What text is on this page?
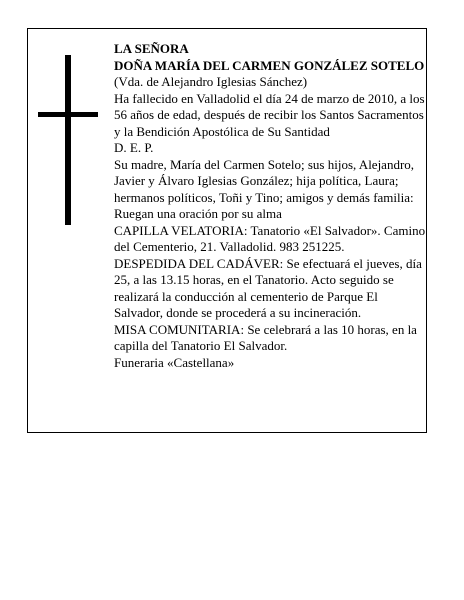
LA SEÑORA

DOÑA MARÍA DEL CARMEN GONZÁLEZ SOTELO

(Vda. de Alejandro Iglesias Sánchez)

Ha fallecido en Valladolid el día 24 de marzo de 2010, a los 56 años de edad, después de recibir los Santos Sacramentos y la Bendición Apostólica de Su Santidad

D. E. P.

Su madre, María del Carmen Sotelo; sus hijos, Alejandro, Javier y Álvaro Iglesias González; hija política, Laura; hermanos políticos, Toñi y Tino; amigos y demás familia:

Ruegan una oración por su alma

CAPILLA VELATORIA: Tanatorio «El Salvador». Camino del Cementerio, 21. Valladolid. 983 251225.

DESPEDIDA DEL CADÁVER: Se efectuará el jueves, día 25, a las 13.15 horas, en el Tanatorio. Acto seguido se realizará la conducción al cementerio de Parque El Salvador, donde se procederá a su incineración.

MISA COMUNITARIA: Se celebrará a las 10 horas, en la capilla del Tanatorio El Salvador.

Funeraria «Castellana»
